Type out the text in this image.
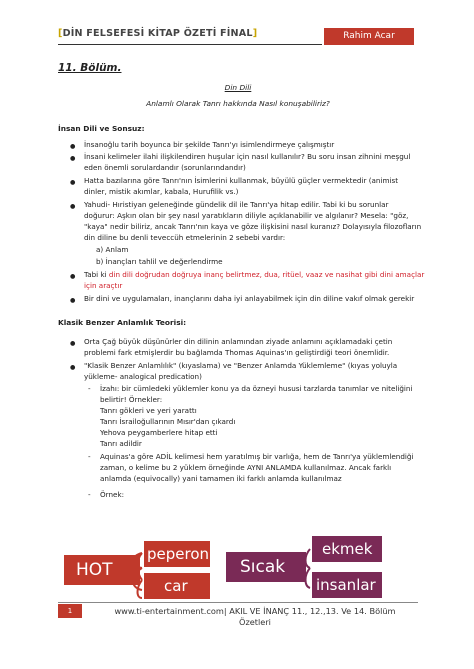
[DİN FELSEFESİ KİTAP ÖZETİ FİNAL]	Rahim Acar
11. Bölüm.
Din Dili
Anlamlı Olarak Tanrı hakkında Nasıl konuşabiliriz?
İnsan Dili ve Sonsuz:
● İnsanoğlu tarih boyunca bir şekilde Tanrı'yı isimlendirmeye çalışmıştır
● İnsani kelimeler ilahi ilişkilendiren huşular için nasıl kullanılır? Bu soru insan zihnini meşgul
eden önemli sorulardandır (sorunlarındandır)
● Hatta bazılarına göre Tanrı'nın İsimlerini kullanmak, büyülü güçler vermektedir (animist
dinler, mistik akımlar, kabala, Hurufilik vs.)
● Yahudi- Hıristiyan geleneğinde gündelik dil ile Tanrı'ya hitap edilir. Tabi ki bu sorunlar
doğurur: Aşkın olan bir şey nasıl yaratıkların diliyle açıklanabilir ve algılanır? Mesela: "göz,
"kaya" nedir biliriz, ancak Tanrı'nın kaya ve göze ilişkisini nasıl kuranız? Dolayısıyla filozofların
din diline bu denli teveccüh etmelerinin 2 sebebi vardır:
a) Anlam
b) İnançları tahlil ve değerlendirme
● Tabi ki din dili doğrudan doğruya inanç belirtmez, dua, ritüel, vaaz ve nasihat gibi dini amaçlar
için araçtır
● Bir dini ve uygulamaları, inançlarını daha iyi anlayabilmek için din diline vakıf olmak gerekir
Klasik Benzer Anlamlık Teorisi:
● Orta Çağ büyük düşünürler din dilinin anlamından ziyade anlamını açıklamadaki çetin
problemi fark etmişlerdir bu bağlamda Thomas Aquinas'ın geliştirdiği teori önemlidir.
● "Klasik Benzer Anlamlılık" (kıyaslama) ve "Benzer Anlamda Yüklemleme" (kıyas yoluyla
yükleme- analogical predication)
- İzahı: bir cümledeki yüklemler konu ya da özneyi hususi tarzlarda tanımlar ve niteliğini
belirtir! Örnekler:
Tanrı gökleri ve yeri yarattı
Tanrı İsrailoğullarının Mısır'dan çıkardı
Yehova peygamberlere hitap etti
Tanrı adildir
- Aquinas'a göre ADİL kelimesi hem yaratılmış bir varlığa, hem de Tanrı'ya yüklemlendiği
zaman, o kelime bu 2 yüklem örneğinde AYNI ANLAMDA kullanılmaz. Ancak farklı
anlamda (equivocally) yani tamamen iki farklı anlamda kullanılmaz
- Örnek:
HOT
peperoni
car
Sıcak
ekmek
insanlar
1	www.ti-entertainment.com| AKIL VE İNANÇ 11., 12.,13. Ve 14. Bölüm
Özetleri
